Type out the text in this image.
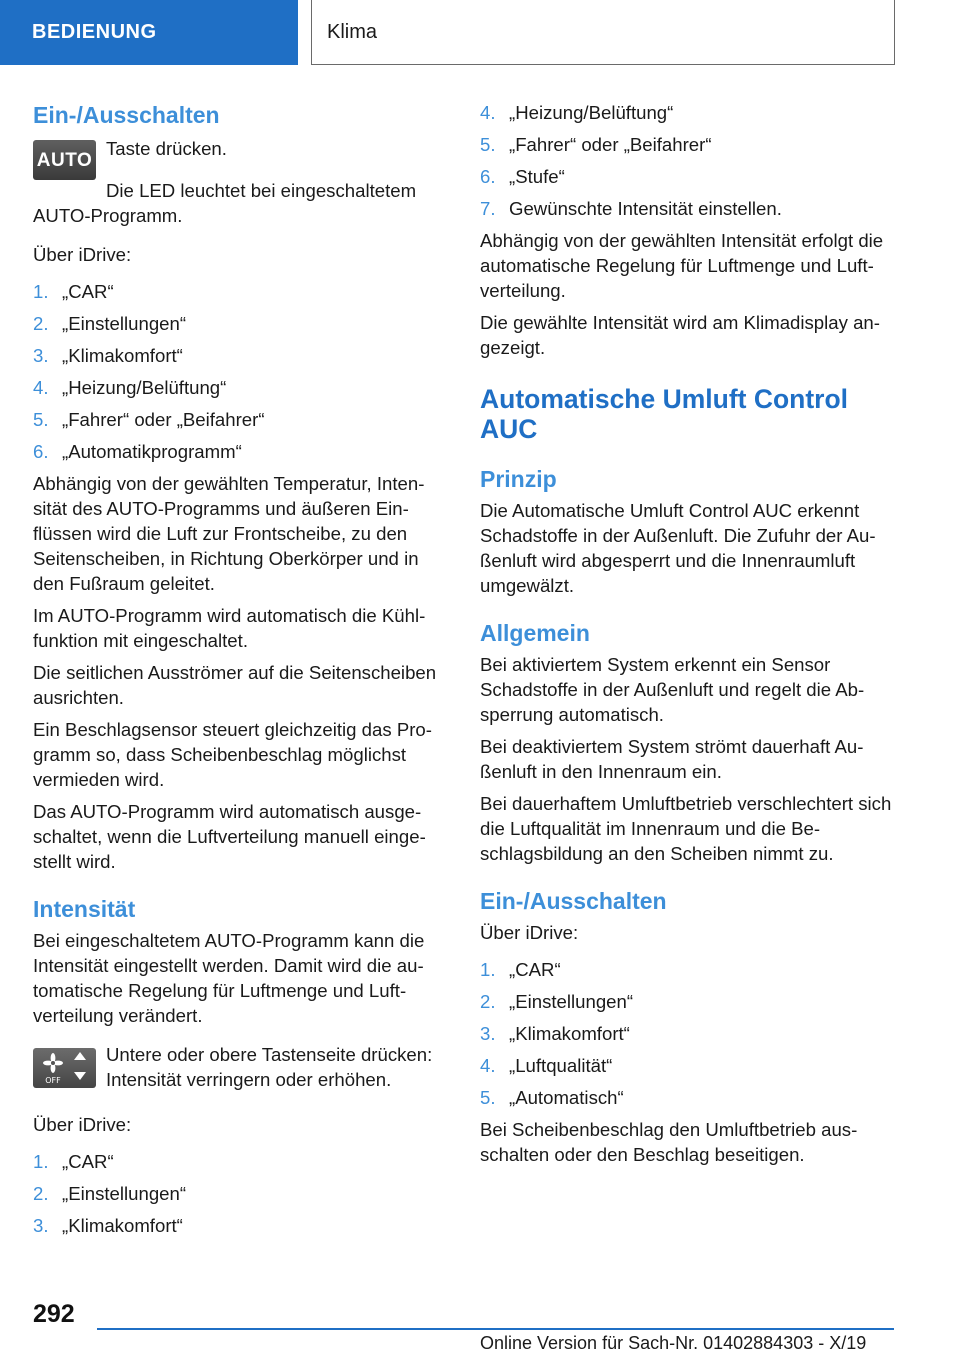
BEDIENUNG	Klima
Ein-/Ausschalten
AUTO

Taste drücken.

Die LED leuchtet bei eingeschaltetem AUTO-Programm.

Über iDrive:

1. „CAR“
2. „Einstellungen“
3. „Klimakomfort“
4. „Heizung/Belüftung“
5. „Fahrer“ oder „Beifahrer“
6. „Automatikprogramm“

Abhängig von der gewählten Temperatur, Intensität des AUTO-Programms und äußeren Einflüssen wird die Luft zur Frontscheibe, zu den Seitenscheiben, in Richtung Oberkörper und in den Fußraum geleitet.

Im AUTO-Programm wird automatisch die Kühlfunktion mit eingeschaltet.

Die seitlichen Ausströmer auf die Seitenscheiben ausrichten.

Ein Beschlagsensor steuert gleichzeitig das Programm so, dass Scheibenbeschlag möglichst vermieden wird.

Das AUTO-Programm wird automatisch ausgeschaltet, wenn die Luftverteilung manuell eingestellt wird.

Intensität

Bei eingeschaltetem AUTO-Programm kann die Intensität eingestellt werden. Damit wird die automatische Regelung für Luftmenge und Luftverteilung verändert.

OFF

Untere oder obere Tastenseite drücken: Intensität verringern oder erhöhen.

Über iDrive:

1. „CAR“
2. „Einstellungen“
3. „Klimakomfort“
4. „Heizung/Belüftung“
5. „Fahrer“ oder „Beifahrer“
6. „Stufe“
7. Gewünschte Intensität einstellen.

Abhängig von der gewählten Intensität erfolgt die automatische Regelung für Luftmenge und Luftverteilung.

Die gewählte Intensität wird am Klimadisplay angezeigt.

Automatische Umluft Control AUC
Prinzip

Die Automatische Umluft Control AUC erkennt Schadstoffe in der Außenluft. Die Zufuhr der Außenluft wird abgesperrt und die Innenraumluft umgewälzt.

Allgemein

Bei aktiviertem System erkennt ein Sensor Schadstoffe in der Außenluft und regelt die Absperrung automatisch.

Bei deaktiviertem System strömt dauerhaft Außenluft in den Innenraum ein.

Bei dauerhaftem Umluftbetrieb verschlechtert sich die Luftqualität im Innenraum und die Beschlagsbildung an den Scheiben nimmt zu.

Ein-/Ausschalten

Über iDrive:

1. „CAR“
2. „Einstellungen“
3. „Klimakomfort“
4. „Luftqualität“
5. „Automatisch“

Bei Scheibenbeschlag den Umluftbetrieb ausschalten oder den Beschlag beseitigen.

292
Online Version für Sach-Nr. 01402884303 - X/19
